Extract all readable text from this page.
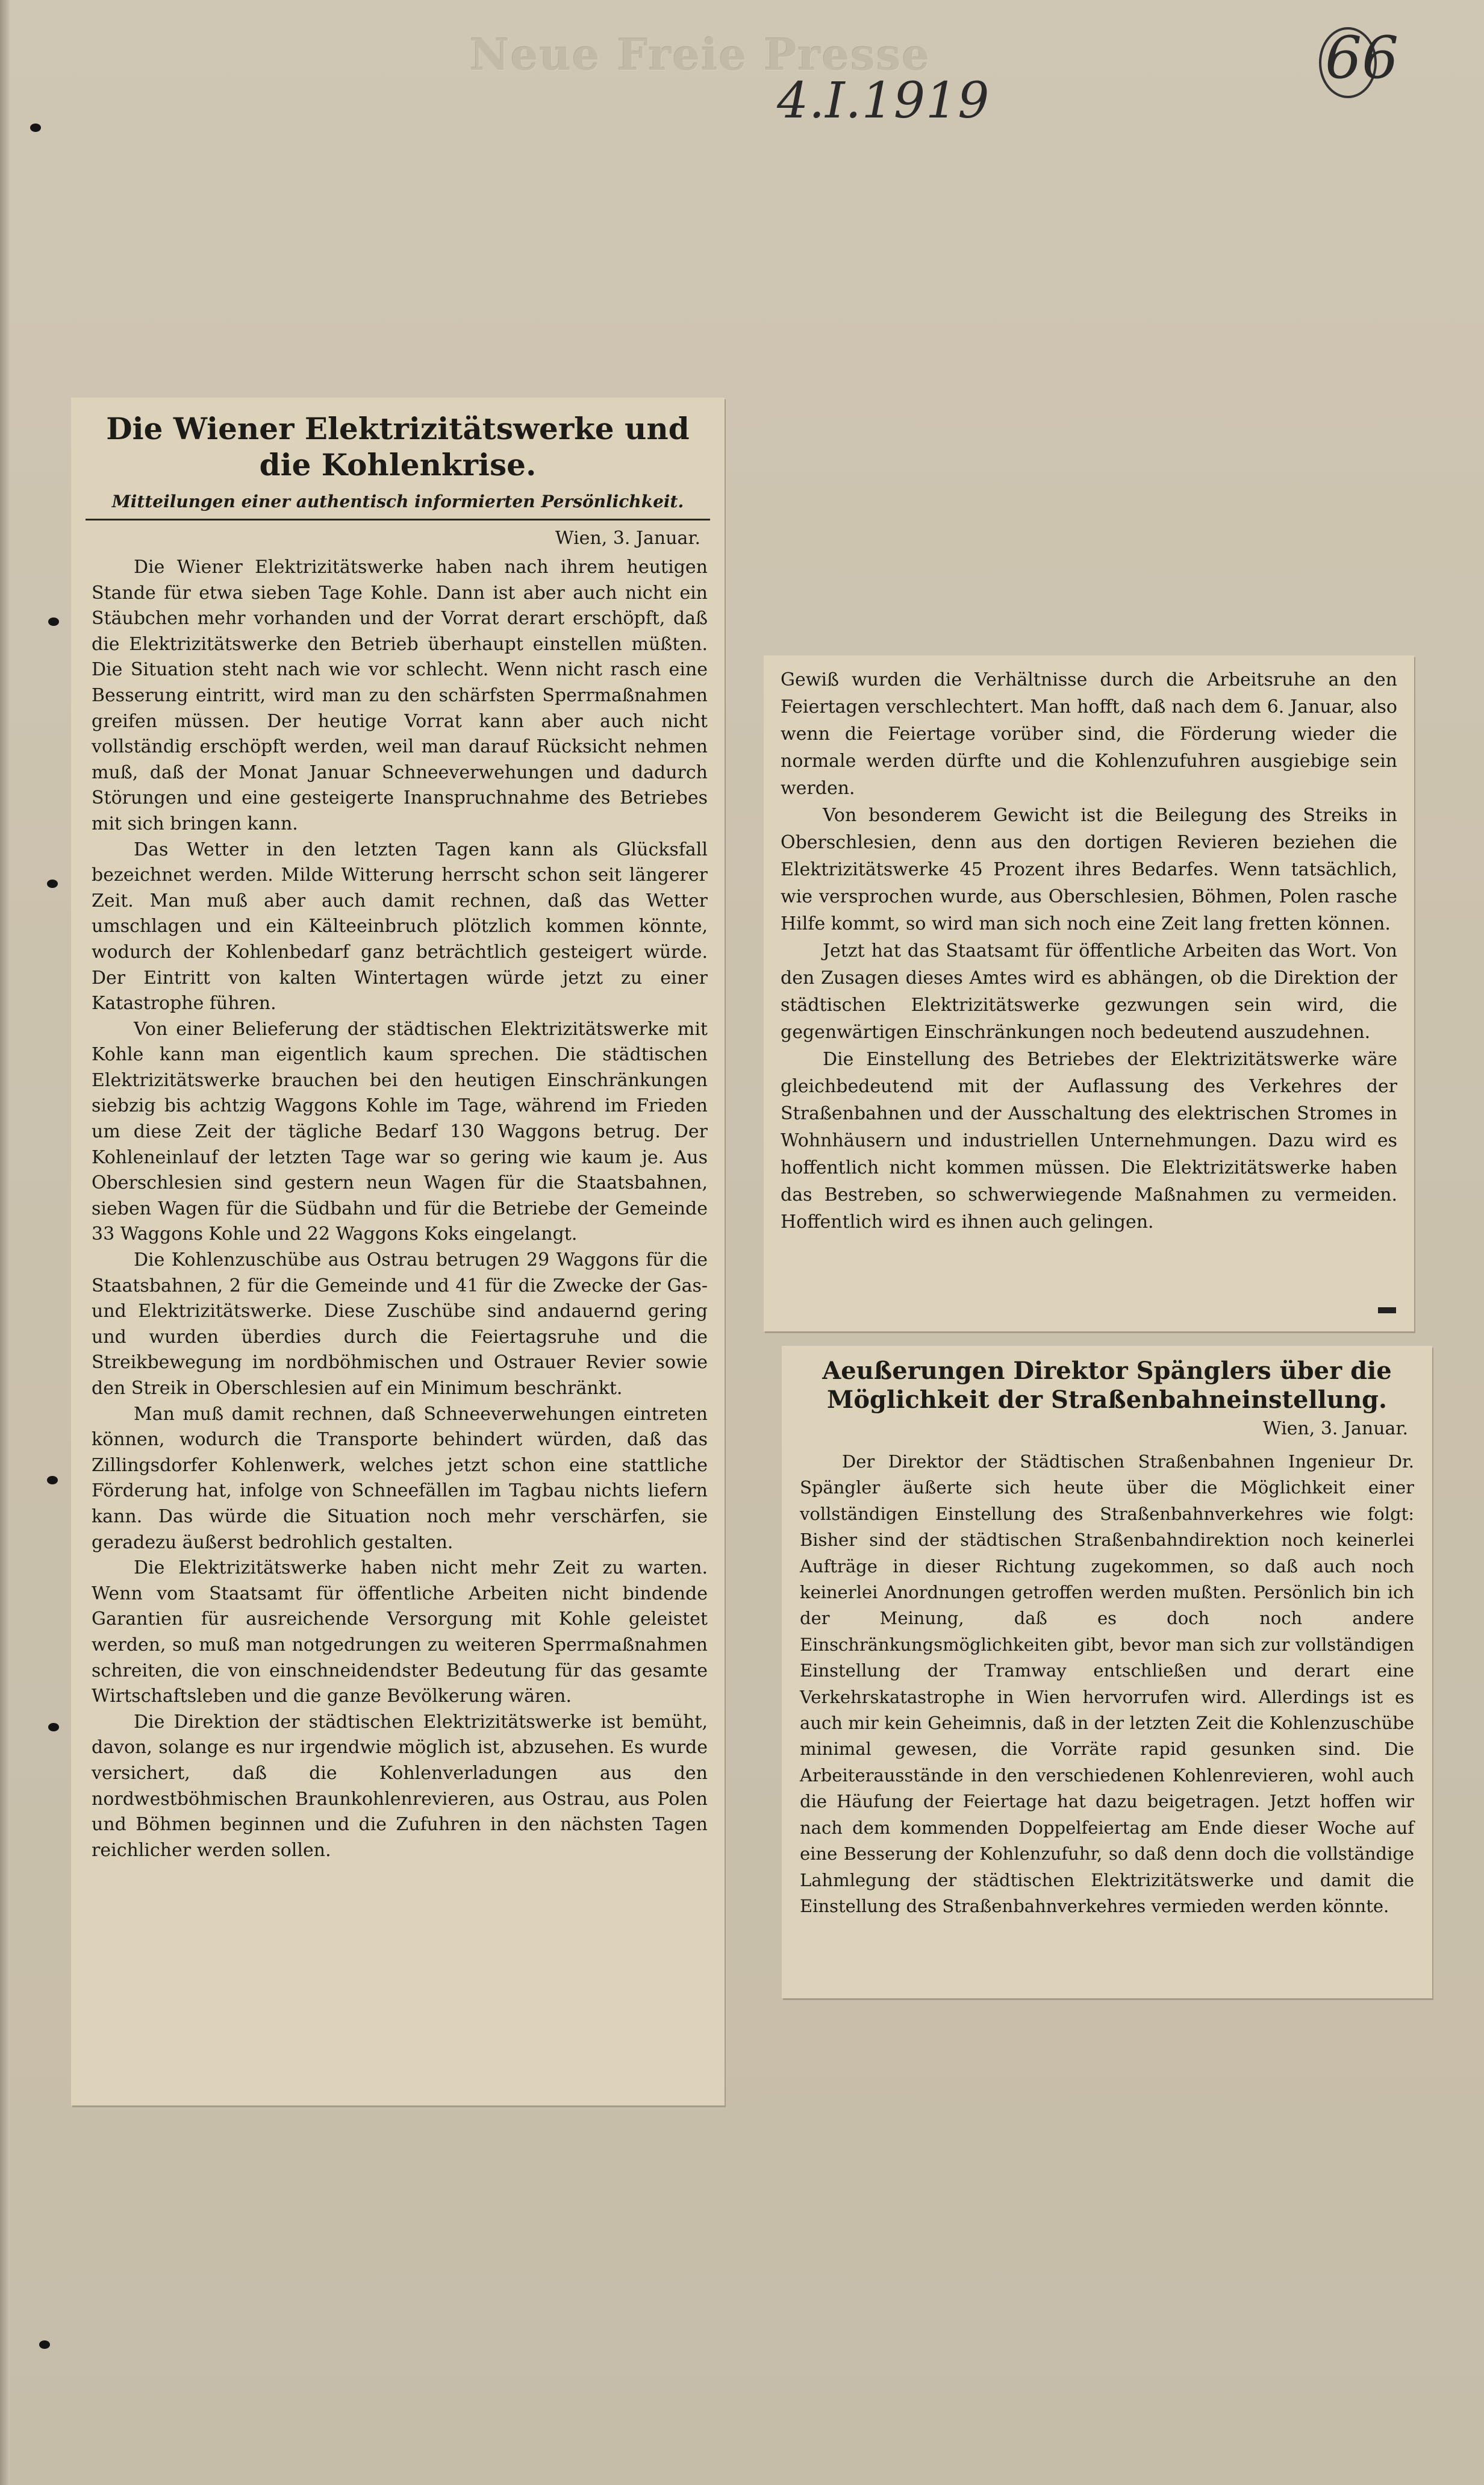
Neue Freie Presse
4.I.1919
66
Die Wiener Elektrizitätswerke und die Kohlenkrise.
Mitteilungen einer authentisch informierten Persönlichkeit.
Wien, 3. Januar.

Die Wiener Elektrizitätswerke haben nach ihrem heutigen Stande für etwa sieben Tage Kohle. Dann ist aber auch nicht ein Stäubchen mehr vorhanden und der Vorrat derart erschöpft, daß die Elektrizitätswerke den Betrieb überhaupt einstellen müßten. Die Situation steht nach wie vor schlecht. Wenn nicht rasch eine Besserung eintritt, wird man zu den schärfsten Sperrmaßnahmen greifen müssen. Der heutige Vorrat kann aber auch nicht vollständig erschöpft werden, weil man darauf Rücksicht nehmen muß, daß der Monat Januar Schneeverwehungen und dadurch Störungen und eine gesteigerte Inanspruchnahme des Betriebes mit sich bringen kann.

Das Wetter in den letzten Tagen kann als Glücksfall bezeichnet werden. Milde Witterung herrscht schon seit längerer Zeit. Man muß aber auch damit rechnen, daß das Wetter umschlagen und ein Kälteeinbruch plötzlich kommen könnte, wodurch der Kohlenbedarf ganz beträchtlich gesteigert würde. Der Eintritt von kalten Wintertagen würde jetzt zu einer Katastrophe führen.

Von einer Belieferung der städtischen Elektrizitätswerke mit Kohle kann man eigentlich kaum sprechen. Die städtischen Elektrizitätswerke brauchen bei den heutigen Einschränkungen siebzig bis achtzig Waggons Kohle im Tage, während im Frieden um diese Zeit der tägliche Bedarf 130 Waggons betrug. Der Kohleneinlauf der letzten Tage war so gering wie kaum je. Aus Oberschlesien sind gestern neun Wagen für die Staatsbahnen, sieben Wagen für die Südbahn und für die Betriebe der Gemeinde 33 Waggons Kohle und 22 Waggons Koks eingelangt.

Die Kohlenzuschübe aus Ostrau betrugen 29 Waggons für die Staatsbahnen, 2 für die Gemeinde und 41 für die Zwecke der Gas- und Elektrizitätswerke. Diese Zuschübe sind andauernd gering und wurden überdies durch die Feiertagsruhe und die Streikbewegung im nordböhmischen und Ostrauer Revier sowie den Streik in Oberschlesien auf ein Minimum beschränkt.

Man muß damit rechnen, daß Schneeverwehungen eintreten können, wodurch die Transporte behindert würden, daß das Zillingsdorfer Kohlenwerk, welches jetzt schon eine stattliche Förderung hat, infolge von Schneefällen im Tagbau nichts liefern kann. Das würde die Situation noch mehr verschärfen, sie geradezu äußerst bedrohlich gestalten.

Die Elektrizitätswerke haben nicht mehr Zeit zu warten. Wenn vom Staatsamt für öffentliche Arbeiten nicht bindende Garantien für ausreichende Versorgung mit Kohle geleistet werden, so muß man notgedrungen zu weiteren Sperrmaßnahmen schreiten, die von einschneidendster Bedeutung für das gesamte Wirtschaftsleben und die ganze Bevölkerung wären.

Die Direktion der städtischen Elektrizitätswerke ist bemüht, davon, solange es nur irgendwie möglich ist, abzusehen. Es wurde versichert, daß die Kohlenverladungen aus den nordwestböhmischen Braunkohlenrevieren, aus Ostrau, aus Polen und Böhmen beginnen und die Zufuhren in den nächsten Tagen reichlicher werden sollen.

Gewiß wurden die Verhältnisse durch die Arbeitsruhe an den Feiertagen verschlechtert. Man hofft, daß nach dem 6. Januar, also wenn die Feiertage vorüber sind, die Förderung wieder die normale werden dürfte und die Kohlenzufuhren ausgiebige sein werden.

Von besonderem Gewicht ist die Beilegung des Streiks in Oberschlesien, denn aus den dortigen Revieren beziehen die Elektrizitätswerke 45 Prozent ihres Bedarfes. Wenn tatsächlich, wie versprochen wurde, aus Oberschlesien, Böhmen, Polen rasche Hilfe kommt, so wird man sich noch eine Zeit lang fretten können.

Jetzt hat das Staatsamt für öffentliche Arbeiten das Wort. Von den Zusagen dieses Amtes wird es abhängen, ob die Direktion der städtischen Elektrizitätswerke gezwungen sein wird, die gegenwärtigen Einschränkungen noch bedeutend auszudehnen.

Die Einstellung des Betriebes der Elektrizitätswerke wäre gleichbedeutend mit der Auflassung des Verkehres der Straßenbahnen und der Ausschaltung des elektrischen Stromes in Wohnhäusern und industriellen Unternehmungen. Dazu wird es hoffentlich nicht kommen müssen. Die Elektrizitätswerke haben das Bestreben, so schwerwiegende Maßnahmen zu vermeiden. Hoffentlich wird es ihnen auch gelingen.

Aeußerungen Direktor Spänglers über die Möglichkeit der Straßenbahneinstellung.
Wien, 3. Januar.

Der Direktor der Städtischen Straßenbahnen Ingenieur Dr. Spängler äußerte sich heute über die Möglichkeit einer vollständigen Einstellung des Straßenbahnverkehres wie folgt: Bisher sind der städtischen Straßenbahndirektion noch keinerlei Aufträge in dieser Richtung zugekommen, so daß auch noch keinerlei Anordnungen getroffen werden mußten. Persönlich bin ich der Meinung, daß es doch noch andere Einschränkungsmöglichkeiten gibt, bevor man sich zur vollständigen Einstellung der Tramway entschließen und derart eine Verkehrskatastrophe in Wien hervorrufen wird. Allerdings ist es auch mir kein Geheimnis, daß in der letzten Zeit die Kohlenzuschübe minimal gewesen, die Vorräte rapid gesunken sind. Die Arbeiterausstände in den verschiedenen Kohlenrevieren, wohl auch die Häufung der Feiertage hat dazu beigetragen. Jetzt hoffen wir nach dem kommenden Doppelfeiertag am Ende dieser Woche auf eine Besserung der Kohlenzufuhr, so daß denn doch die vollständige Lahmlegung der städtischen Elektrizitätswerke und damit die Einstellung des Straßenbahnverkehres vermieden werden könnte.
